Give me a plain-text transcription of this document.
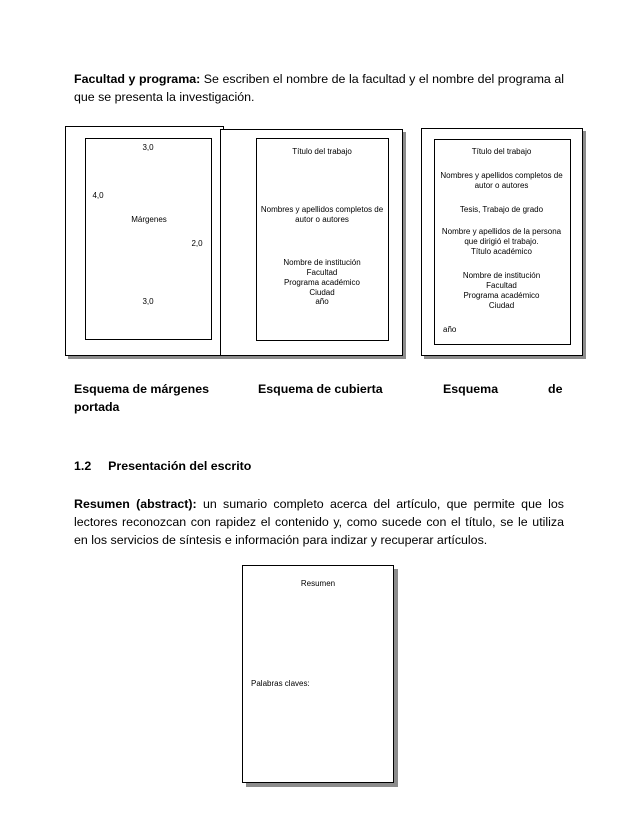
Facultad y programa: Se escriben el nombre de la facultad y el nombre del programa al que se presenta la investigación.
3,0
4,0
Márgenes
2,0
3,0
Título del trabajo
Nombres y apellidos completos de autor o autores
Nombre de institución
Facultad
Programa académico
Ciudad
año
Título del trabajo
Nombres y apellidos completos de autor o autores
Tesis, Trabajo de grado
Nombre y apellidos de la persona que dirigió el trabajo.
Título académico
Nombre de institución
Facultad
Programa académico
Ciudad
año
Esquema de márgenes
portada
Esquema de cubierta	Esquema	de
1.2 Presentación del escrito
Resumen (abstract): un sumario completo acerca del artículo, que permite que los lectores reconozcan con rapidez el contenido y, como sucede con el título, se le utiliza en los servicios de síntesis e información para indizar y recuperar artículos.
Resumen
Palabras claves:
